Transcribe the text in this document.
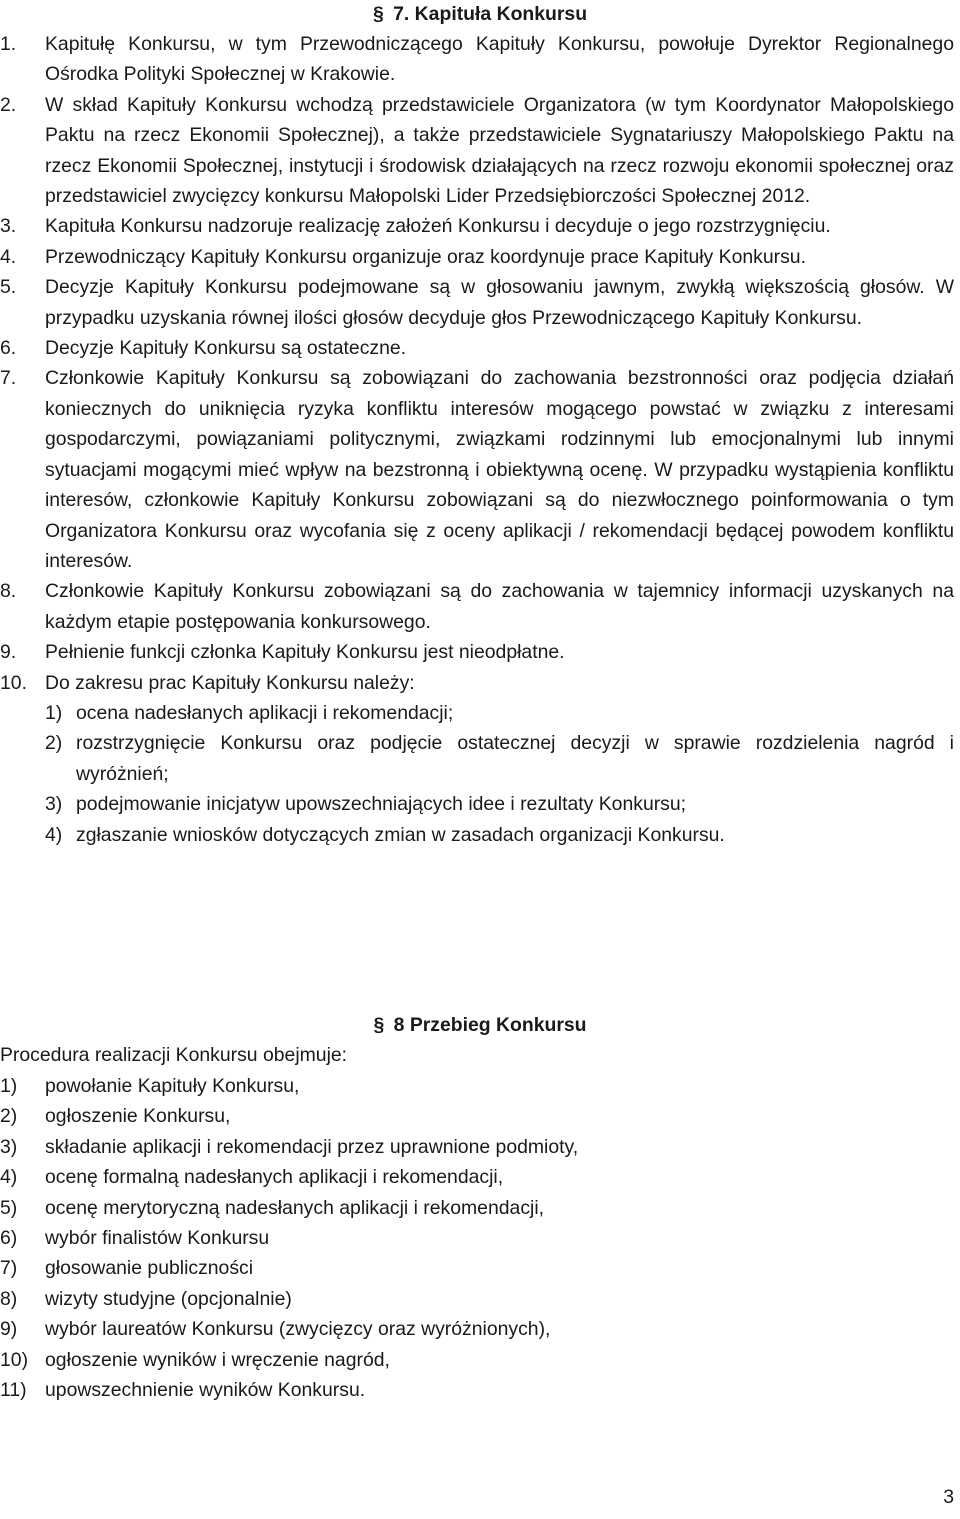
§ 7. Kapituła Konkursu
1. Kapitułę Konkursu, w tym Przewodniczącego Kapituły Konkursu, powołuje Dyrektor Regionalnego Ośrodka Polityki Społecznej w Krakowie.
2. W skład Kapituły Konkursu wchodzą przedstawiciele Organizatora (w tym Koordynator Małopolskiego Paktu na rzecz Ekonomii Społecznej), a także przedstawiciele Sygnatariuszy Małopolskiego Paktu na rzecz Ekonomii Społecznej, instytucji i środowisk działających na rzecz rozwoju ekonomii społecznej oraz przedstawiciel zwycięzcy konkursu Małopolski Lider Przedsiębiorczości Społecznej 2012.
3. Kapituła Konkursu nadzoruje realizację założeń Konkursu i decyduje o jego rozstrzygnięciu.
4. Przewodniczący Kapituły Konkursu organizuje oraz koordynuje prace Kapituły Konkursu.
5. Decyzje Kapituły Konkursu podejmowane są w głosowaniu jawnym, zwykłą większością głosów. W przypadku uzyskania równej ilości głosów decyduje głos Przewodniczącego Kapituły Konkursu.
6. Decyzje Kapituły Konkursu są ostateczne.
7. Członkowie Kapituły Konkursu są zobowiązani do zachowania bezstronności oraz podjęcia działań koniecznych do uniknięcia ryzyka konfliktu interesów mogącego powstać w związku z interesami gospodarczymi, powiązaniami politycznymi, związkami rodzinnymi lub emocjonalnymi lub innymi sytuacjami mogącymi mieć wpływ na bezstronną i obiektywną ocenę. W przypadku wystąpienia konfliktu interesów, członkowie Kapituły Konkursu zobowiązani są do niezwłocznego poinformowania o tym Organizatora Konkursu oraz wycofania się z oceny aplikacji / rekomendacji będącej powodem konfliktu interesów.
8. Członkowie Kapituły Konkursu zobowiązani są do zachowania w tajemnicy informacji uzyskanych na każdym etapie postępowania konkursowego.
9. Pełnienie funkcji członka Kapituły Konkursu jest nieodpłatne.
10. Do zakresu prac Kapituły Konkursu należy:
1) ocena nadesłanych aplikacji i rekomendacji;
2) rozstrzygnięcie Konkursu oraz podjęcie ostatecznej decyzji w sprawie rozdzielenia nagród i wyróżnień;
3) podejmowanie inicjatyw upowszechniających idee i rezultaty Konkursu;
4) zgłaszanie wniosków dotyczących zmian w zasadach organizacji Konkursu.
§ 8 Przebieg Konkursu
Procedura realizacji Konkursu obejmuje:
1) powołanie Kapituły Konkursu,
2) ogłoszenie Konkursu,
3) składanie aplikacji i rekomendacji przez uprawnione podmioty,
4) ocenę formalną nadesłanych aplikacji i rekomendacji,
5) ocenę merytoryczną nadesłanych aplikacji i rekomendacji,
6) wybór finalistów Konkursu
7) głosowanie publiczności
8) wizyty studyjne (opcjonalnie)
9) wybór laureatów Konkursu (zwycięzcy oraz wyróżnionych),
10) ogłoszenie wyników i wręczenie nagród,
11) upowszechnienie wyników Konkursu.
3
